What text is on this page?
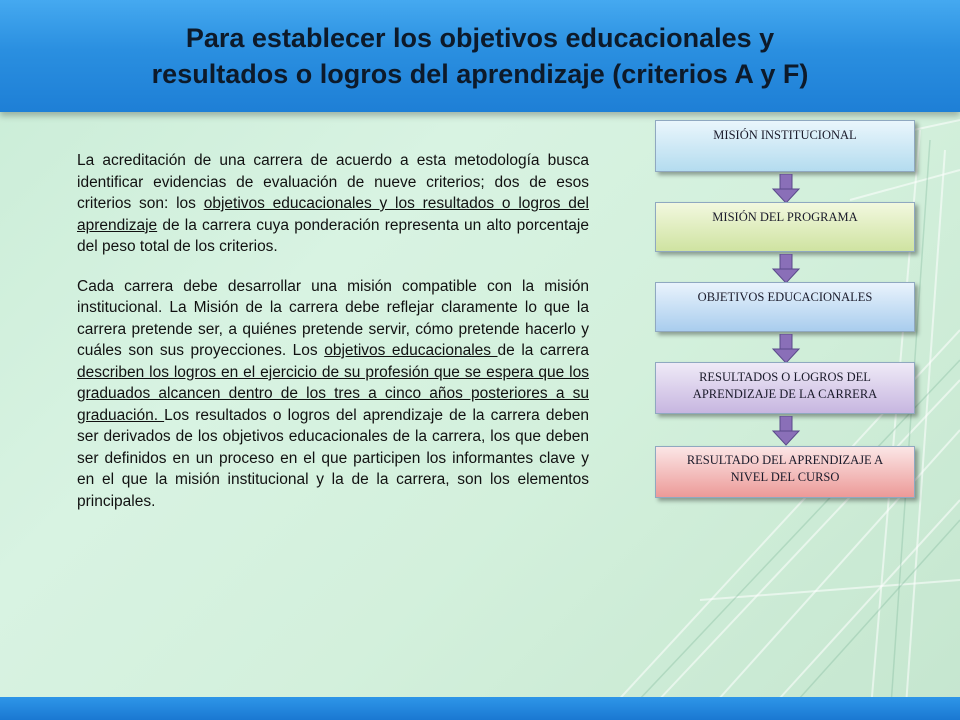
Para establecer los objetivos educacionales y
resultados o logros del aprendizaje (criterios A y F)

La acreditación de una carrera de acuerdo a esta metodología busca identificar evidencias de evaluación de nueve criterios; dos de esos criterios son: los objetivos educacionales y los resultados o logros del aprendizaje de la carrera cuya ponderación representa un alto porcentaje del peso total de los criterios.

Cada carrera debe desarrollar una misión compatible con la misión institucional. La Misión de la carrera debe reflejar claramente lo que la carrera pretende ser, a quiénes pretende servir, cómo pretende hacerlo y cuáles son sus proyecciones. Los objetivos educacionales de la carrera describen los logros en el ejercicio de su profesión que se espera que los graduados alcancen dentro de los tres a cinco años posteriores a su graduación. Los resultados o logros del aprendizaje de la carrera deben ser derivados de los objetivos educacionales de la carrera, los que deben ser definidos en un proceso en el que participen los informantes clave y en el que la misión institucional y la de la carrera, son los elementos principales.

MISIÓN INSTITUCIONAL
MISIÓN DEL PROGRAMA
OBJETIVOS EDUCACIONALES
RESULTADOS O LOGROS DEL
APRENDIZAJE DE LA CARRERA
RESULTADO DEL APRENDIZAJE A
NIVEL DEL CURSO
